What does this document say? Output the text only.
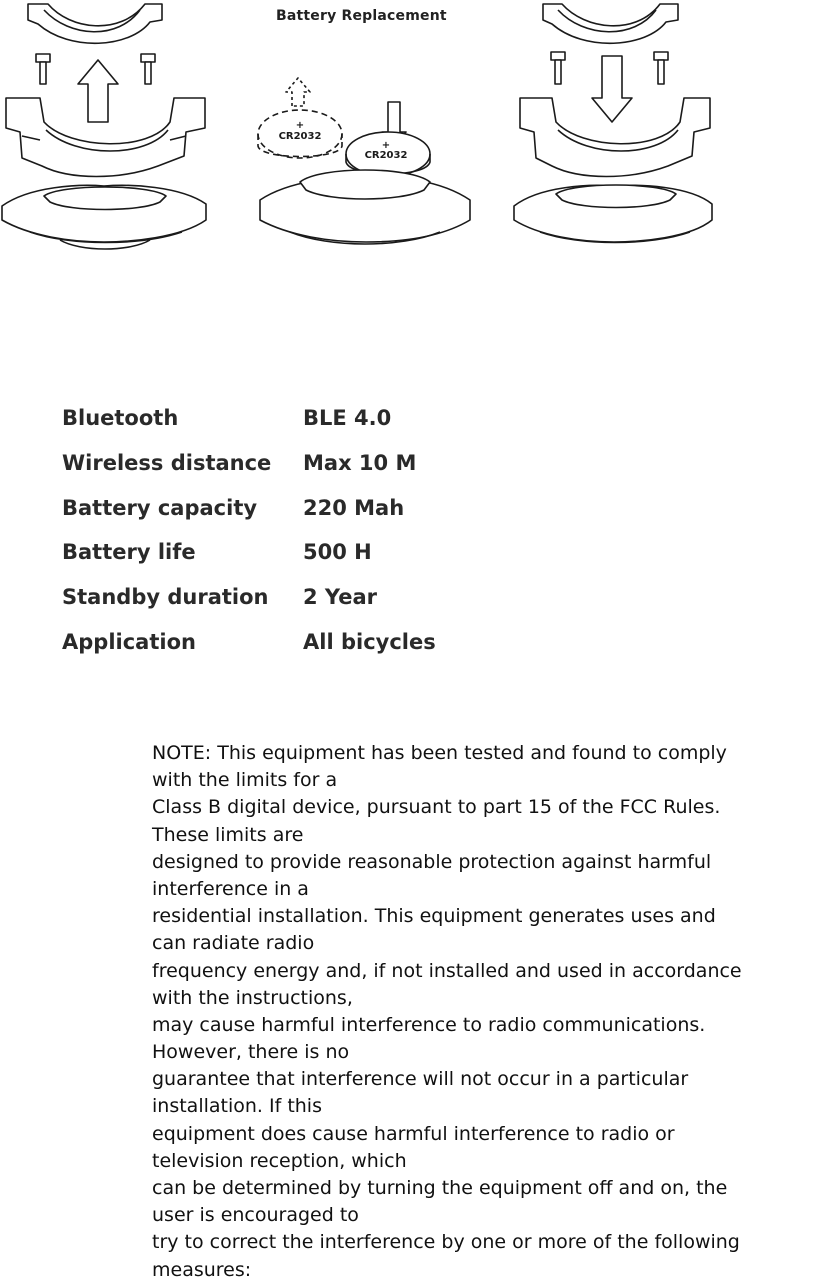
CR2032
+
CR2032
+
Battery Replacement
Bluetooth	BLE 4.0
Wireless distance	Max 10 M
Battery capacity	220 Mah
Battery life	500 H
Standby duration	2 Year
Application	All bicycles
NOTE: This equipment has been tested and found to comply
with the limits for a
Class B digital device, pursuant to part 15 of the FCC Rules.
These limits are
designed to provide reasonable protection against harmful
interference in a
residential installation. This equipment generates uses and
can radiate radio
frequency energy and, if not installed and used in accordance
with the instructions,
may cause harmful interference to radio communications.
However, there is no
guarantee that interference will not occur in a particular
installation. If this
equipment does cause harmful interference to radio or
television reception, which
can be determined by turning the equipment off and on, the
user is encouraged to
try to correct the interference by one or more of the following
measures:
